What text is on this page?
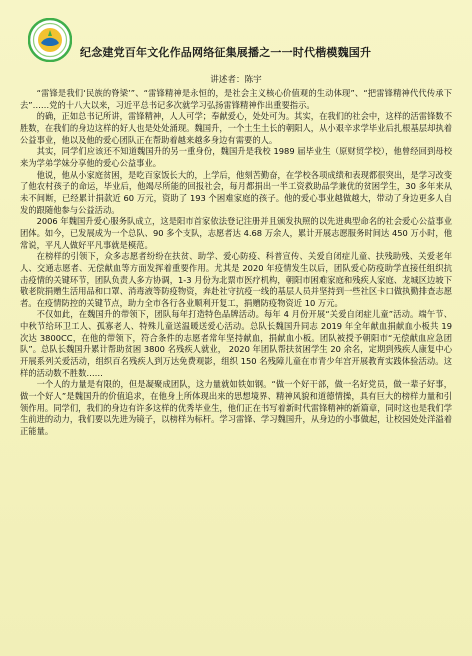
纪念建党百年文化作品网络征集展播之一一时代楷模魏国升
讲述者：陈宇

“雷锋是我们‘民族的脊梁’”、“雷锋精神是永恒的，是社会主义核心价值观的生动体现”、“把雷锋精神代代传承下去”……党的十八大以来，习近平总书记多次就学习弘扬雷锋精神作出重要指示。

的确，正如总书记所讲，雷锋精神，人人可学；奉献爱心，处处可为。其实，在我们的社会中，这样的活雷锋数不胜数，在我们的身边这样的好人也是处处涌现。魏国升，一个土生土长的朝阳人，从小艰辛求学毕业后扎根基层却执着公益事业，他以及他的爱心团队正在帮助着越来越多身边有需要的人。

其实，同学们应该还不知道魏国升的另一重身份，魏国升是我校 1989 届毕业生（原财贸学校），他曾经回到母校来为学弟学妹分享他的爱心公益事业。

他说，他从小家庭贫困，是吃百家饭长大的，上学后，他刻苦勤奋，在学校各项成绩和表现都很突出，是学习改变了他农村孩子的命运，毕业后，他竭尽所能的回报社会，每月都捐出一半工资救助品学兼优的贫困学生，30 多年来从未不间断，已经累计捐款近 60 万元，资助了 193 个困难家庭的孩子。他的爱心事业越做越大，带动了身边更多人自发的跟随他参与公益活动。

2006 年魏国升爱心服务队成立，这是阳市首家依法登记注册并且颁发执照的以先进典型命名的社会爱心公益事业团体。如今，已发展成为一个总队、90 多个支队，志愿者达 4.68 万余人，累计开展志愿服务时间达 450 万小时，他常说，平凡人做好平凡事就是模范。

在榜样的引领下，众多志愿者纷纷在扶贫、助学、爱心防疫、科普宣传、关爱自闭症儿童、扶残助残、关爱老年人、交通志愿者、无偿献血等方面发挥着重要作用。尤其是 2020 年疫情发生以后，团队爱心防疫助学直接任组织抗击疫情的关键环节，团队负责人多方协调，1-3 月份为北票市医疗机构，朝阳市困难家庭和残疾人家庭、龙城区边坡下敬老院捐赠生活用品和口罩、消毒液等防疫物资，奔赴社守抗疫一线的基层人员并坚持到一些社区卡口做执勤排查志愿者。在疫情防控的关键节点，助力全市各行各业顺利开复工，捐赠防疫物资近 10 万元。

不仅如此，在魏国升的带领下，团队每年打造特色品牌活动。每年 4 月份开展“关爱自闭症儿童”活动。端午节、中秋节给环卫工人、孤寡老人、特殊儿童送温暖送爱心活动。总队长魏国升同志 2019 年全年献血捐献血小板共 19 次达 3800CC，在他的带领下，符合条件的志愿者常年坚持献血，捐献血小板。团队被授予朝阳市“无偿献血应急团队”。总队长魏国升累计帮助贫困 3800 名残疾人就业， 2020 年团队帮扶贫困学生 20 余名，定期到残疾人康复中心开展系列关爱活动，组织百名残疾人到万达免费观影，组织 150 名残障儿童在市青少年宫开展教育实践体验活动。这样的活动数不胜数……

一个人的力量是有限的，但是凝聚成团队，这力量就如铁如钢。“做一个好干部，做一名好党员，做一辈子好事，做一个好人”是魏国升的价值追求，在他身上所体现出来的思想境界、精神风貌和道德情操，具有巨大的榜样力量和引领作用。同学们，我们的身边有许多这样的优秀毕业生，他们正在书写着新时代雷锋精神的新篇章，同时这也是我们学生前进的动力，我们要以先进为镜子，以榜样为标杆。学习雷锋、学习魏国升，从身边的小事做起，让校园处处洋溢着正能量。
